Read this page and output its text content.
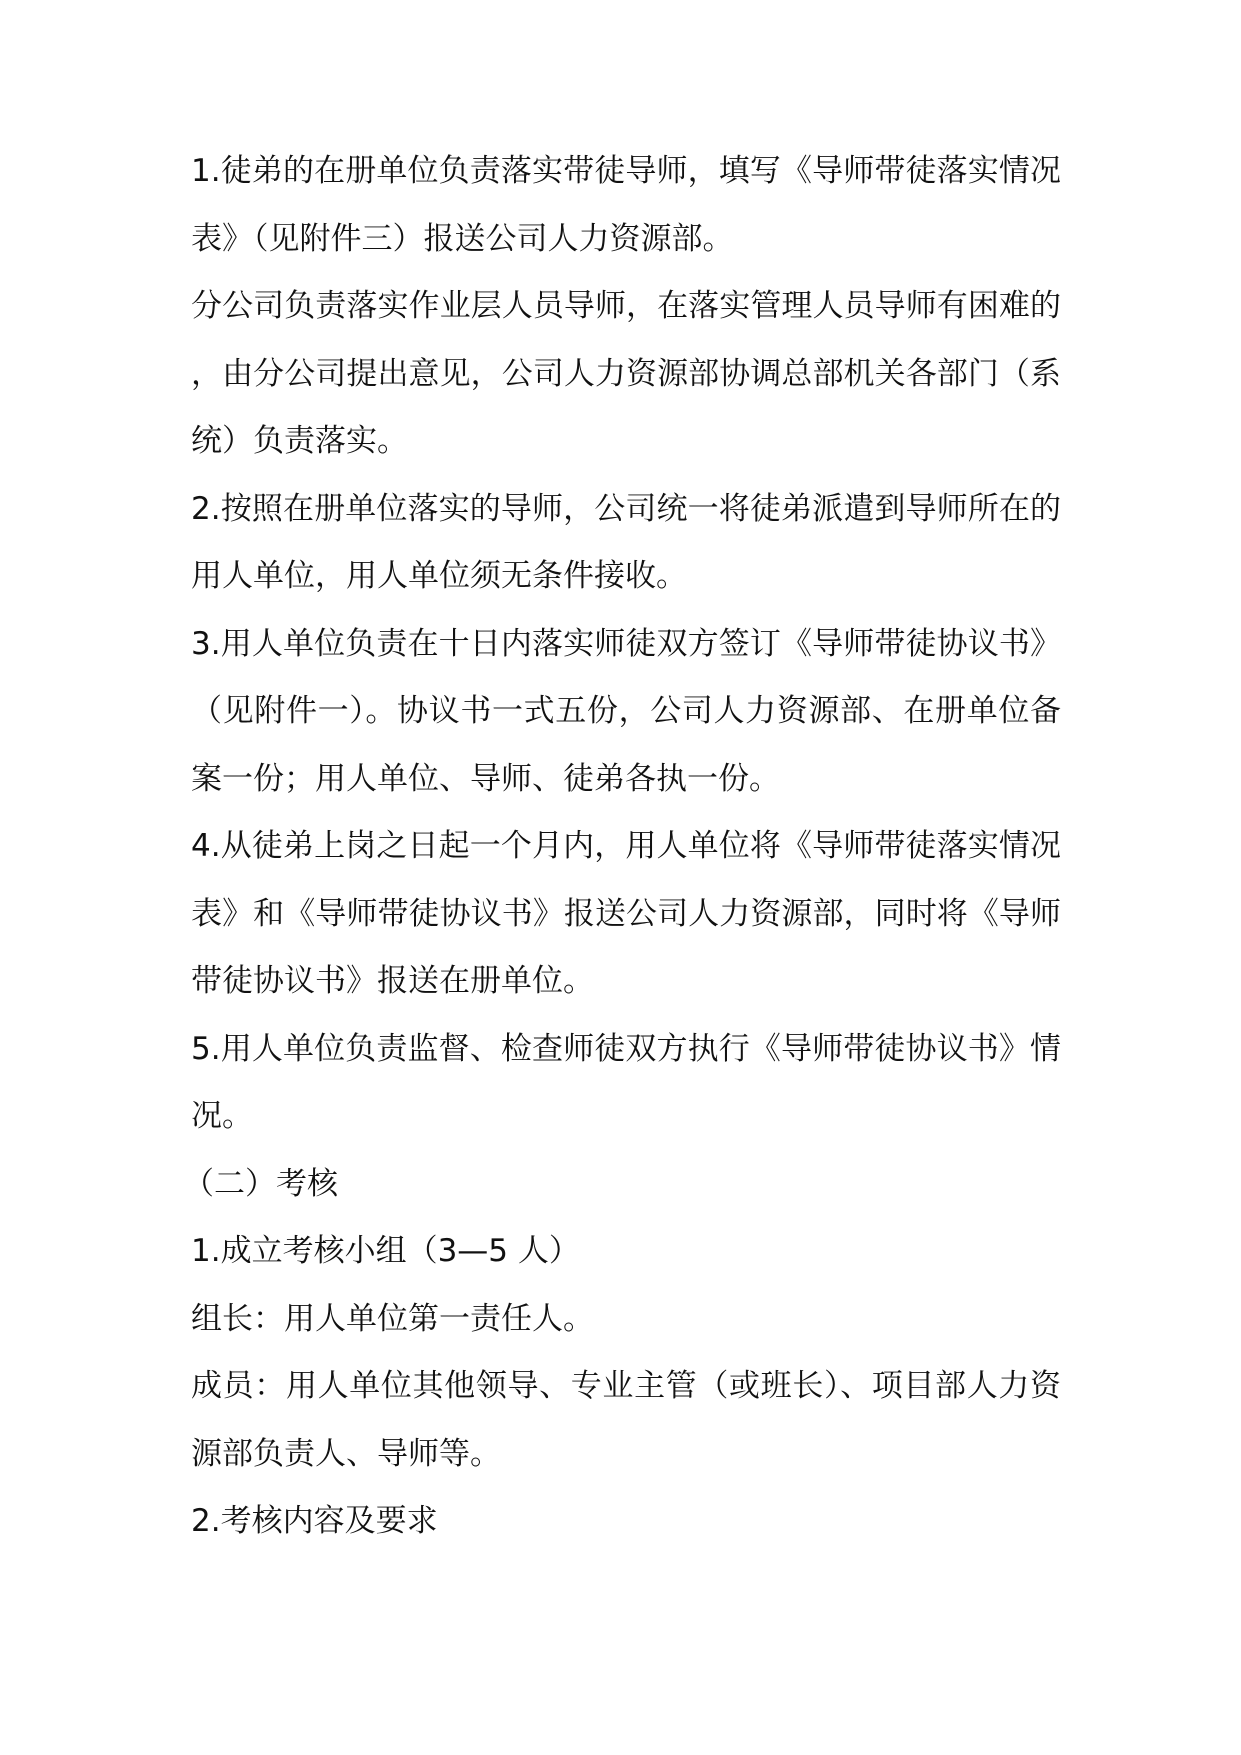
1.徒弟的在册单位负责落实带徒导师，填写《导师带徒落实情况表》（见附件三）报送公司人力资源部。

分公司负责落实作业层人员导师，在落实管理人员导师有困难的，由分公司提出意见，公司人力资源部协调总部机关各部门（系统）负责落实。

2.按照在册单位落实的导师，公司统一将徒弟派遣到导师所在的用人单位，用人单位须无条件接收。

3.用人单位负责在十日内落实师徒双方签订《导师带徒协议书》（见附件一）。协议书一式五份，公司人力资源部、在册单位备案一份；用人单位、导师、徒弟各执一份。

4.从徒弟上岗之日起一个月内，用人单位将《导师带徒落实情况表》和《导师带徒协议书》报送公司人力资源部，同时将《导师带徒协议书》报送在册单位。

5.用人单位负责监督、检查师徒双方执行《导师带徒协议书》情况。

（二）考核

1.成立考核小组（3—5 人）

组长：用人单位第一责任人。

成员：用人单位其他领导、专业主管（或班长）、项目部人力资源部负责人、导师等。

2.考核内容及要求
